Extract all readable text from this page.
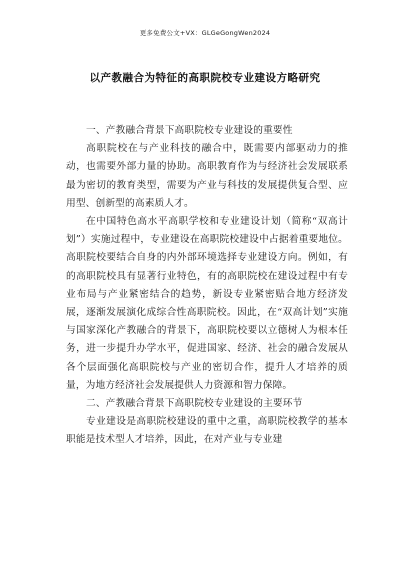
更多免费公文+VX：GLGeGongWen2024
以产教融合为特征的高职院校专业建设方略研究

一、产教融合背景下高职院校专业建设的重要性

高职院校在与产业科技的融合中，既需要内部驱动力的推动，也需要外部力量的协助。高职教育作为与经济社会发展联系最为密切的教育类型，需要为产业与科技的发展提供复合型、应用型、创新型的高素质人才。

在中国特色高水平高职学校和专业建设计划（简称“双高计划”）实施过程中，专业建设在高职院校建设中占据着重要地位。高职院校要结合自身的内外部环境选择专业建设方向。例如，有的高职院校具有显著行业特色，有的高职院校在建设过程中有专业布局与产业紧密结合的趋势，新设专业紧密贴合地方经济发展，逐渐发展演化成综合性高职院校。因此，在“双高计划”实施与国家深化产教融合的背景下，高职院校要以立德树人为根本任务，进一步提升办学水平，促进国家、经济、社会的融合发展从各个层面强化高职院校与产业的密切合作，提升人才培养的质量，为地方经济社会发展提供人力资源和智力保障。

二、产教融合背景下高职院校专业建设的主要环节

专业建设是高职院校建设的重中之重，高职院校教学的基本职能是技术型人才培养，因此，在对产业与专业建
